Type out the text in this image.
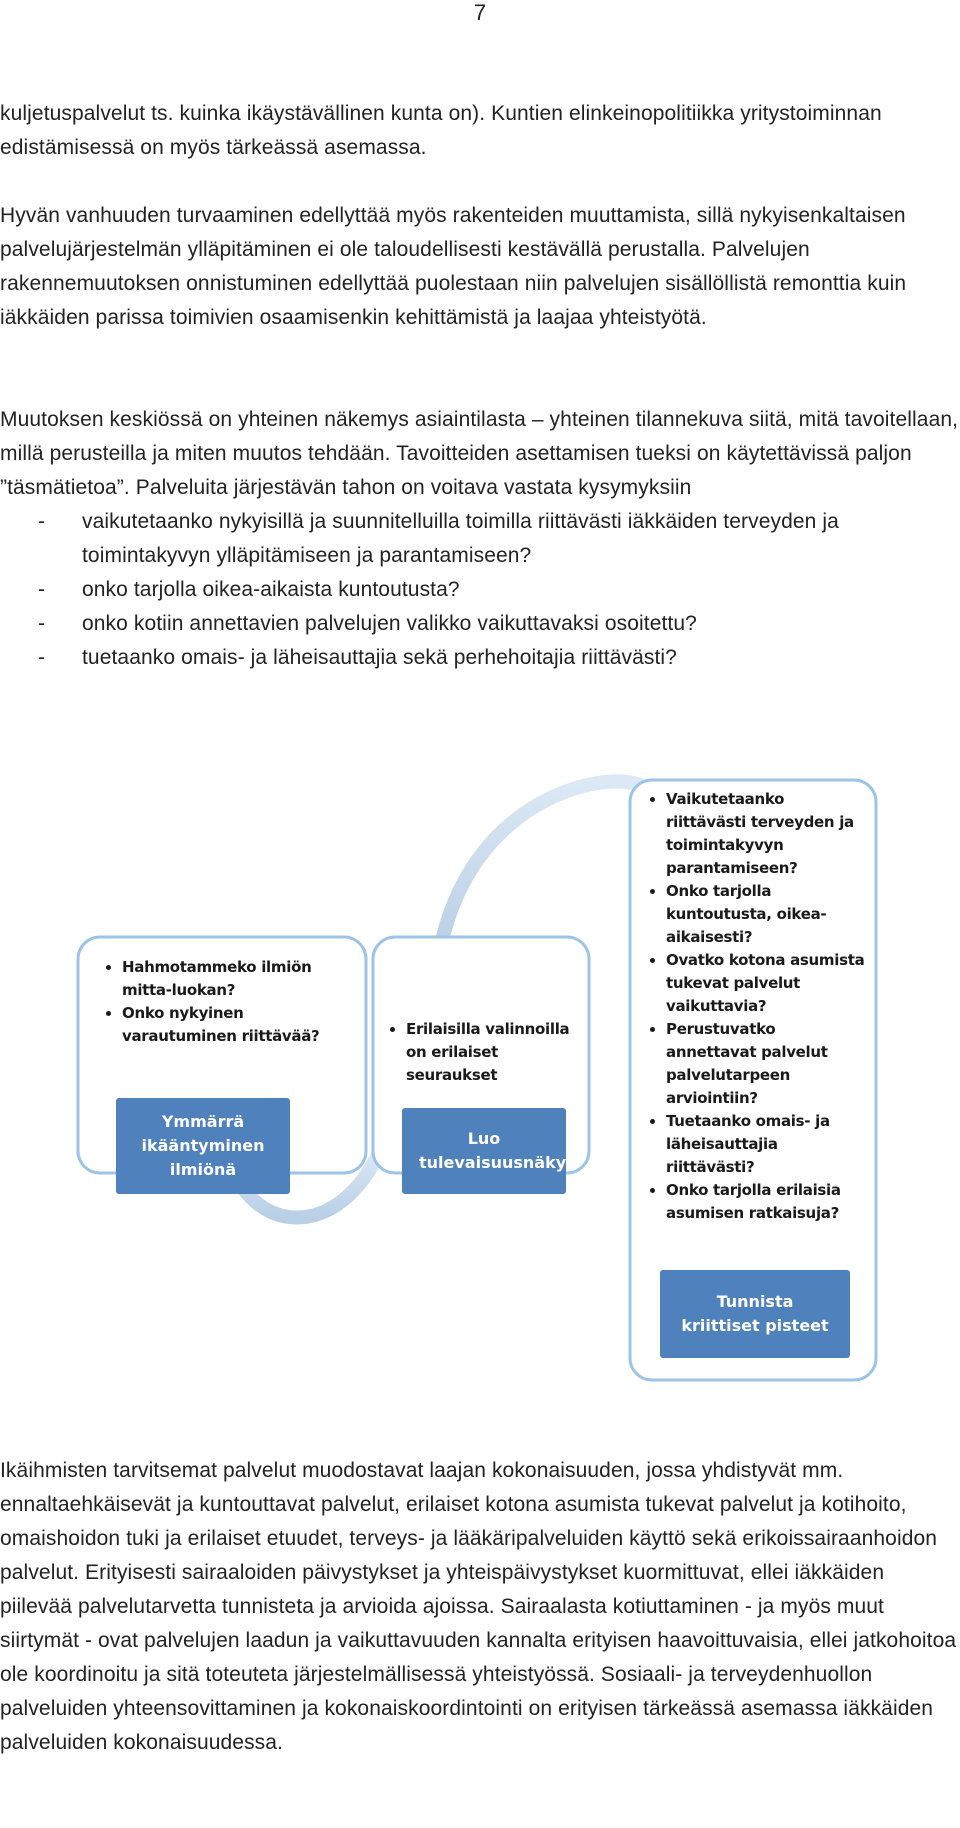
7

kuljetuspalvelut ts. kuinka ikäystävällinen kunta on). Kuntien elinkeinopolitiikka yritystoiminnan edistämisessä on myös tärkeässä asemassa.

Hyvän vanhuuden turvaaminen edellyttää myös rakenteiden muuttamista, sillä nykyisenkaltaisen palvelujärjestelmän ylläpitäminen ei ole taloudellisesti kestävällä perustalla. Palvelujen rakennemuutoksen onnistuminen edellyttää puolestaan niin palvelujen sisällöllistä remonttia kuin iäkkäiden parissa toimivien osaamisenkin kehittämistä ja laajaa yhteistyötä.

Muutoksen keskiössä on yhteinen näkemys asiaintilasta – yhteinen tilannekuva siitä, mitä tavoitellaan, millä perusteilla ja miten muutos tehdään. Tavoitteiden asettamisen tueksi on käytettävissä paljon ”täsmätietoa”. Palveluita järjestävän tahon on voitava vastata kysymyksiin
- vaikutetaanko nykyisillä ja suunnitelluilla toimilla riittävästi iäkkäiden terveyden ja toimintakyvyn ylläpitämiseen ja parantamiseen?
- onko tarjolla oikea-aikaista kuntoutusta?
- onko kotiin annettavien palvelujen valikko vaikuttavaksi osoitettu?
- tuetaanko omais- ja läheisauttajia sekä perhehoitajia riittävästi?
• Hahmotammeko ilmiön mitta-luokan?
• Onko nykyinen varautuminen riittävää?
Ymmärrä ikääntyminen ilmiönä
• Erilaisilla valinnoilla on erilaiset seuraukset
Luo tulevaisuusnäky
• Vaikutetaanko riittävästi terveyden ja toimintakyvyn parantamiseen?
• Onko tarjolla kuntoutusta, oikea-aikaisesti?
• Ovatko kotona asumista tukevat palvelut vaikuttavia?
• Perustuvatko annettavat palvelut palvelutarpeen arviointiin?
• Tuetaanko omais- ja läheisauttajia riittävästi?
• Onko tarjolla erilaisia asumisen ratkaisuja?
Tunnista kriittiset pisteet

Ikäihmisten tarvitsemat palvelut muodostavat laajan kokonaisuuden, jossa yhdistyvät mm. ennaltaehkäisevät ja kuntouttavat palvelut, erilaiset kotona asumista tukevat palvelut ja kotihoito, omaishoidon tuki ja erilaiset etuudet, terveys- ja lääkäripalveluiden käyttö sekä erikoissairaanhoidon palvelut. Erityisesti sairaaloiden päivystykset ja yhteispäivystykset kuormittuvat, ellei iäkkäiden piilevää palvelutarvetta tunnisteta ja arvioida ajoissa. Sairaalasta kotiuttaminen - ja myös muut siirtymät - ovat palvelujen laadun ja vaikuttavuuden kannalta erityisen haavoittuvaisia, ellei jatkohoitoa ole koordinoitu ja sitä toteuteta järjestelmällisessä yhteistyössä. Sosiaali- ja terveydenhuollon palveluiden yhteensovittaminen ja kokonaiskoordintointi on erityisen tärkeässä asemassa iäkkäiden palveluiden kokonaisuudessa.
